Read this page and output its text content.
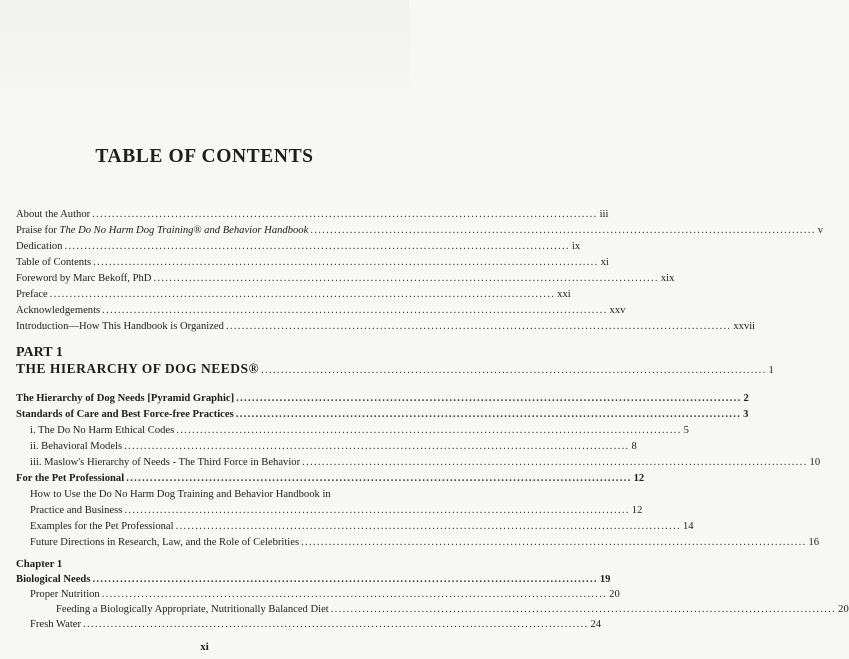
TABLE OF CONTENTS
About the Author ................................................................................................................................ iii
Praise for The Do No Harm Dog Training® and Behavior Handbook ................................................................................................................................ v
Dedication ................................................................................................................................ ix
Table of Contents ................................................................................................................................ xi
Foreword by Marc Bekoff, PhD ................................................................................................................................ xix
Preface ................................................................................................................................ xxi
Acknowledgements ................................................................................................................................ xxv
Introduction—How This Handbook is Organized ................................................................................................................................ xxvii
PART 1
THE HIERARCHY OF DOG NEEDS® ................................................................................................................................ 1
The Hierarchy of Dog Needs [Pyramid Graphic] ................................................................................................................................ 2
Standards of Care and Best Force-free Practices ................................................................................................................................ 3
i. The Do No Harm Ethical Codes ................................................................................................................................ 5
ii. Behavioral Models ................................................................................................................................ 8
iii. Maslow's Hierarchy of Needs - The Third Force in Behavior ................................................................................................................................ 10
For the Pet Professional ................................................................................................................................ 12
How to Use the Do No Harm Dog Training and Behavior Handbook in
Practice and Business ................................................................................................................................ 12
Examples for the Pet Professional ................................................................................................................................ 14
Future Directions in Research, Law, and the Role of Celebrities ................................................................................................................................ 16
Chapter 1
Biological Needs ................................................................................................................................ 19
Proper Nutrition ................................................................................................................................ 20
Feeding a Biologically Appropriate, Nutritionally Balanced Diet ................................................................................................................................ 20
Fresh Water ................................................................................................................................ 24
xi
